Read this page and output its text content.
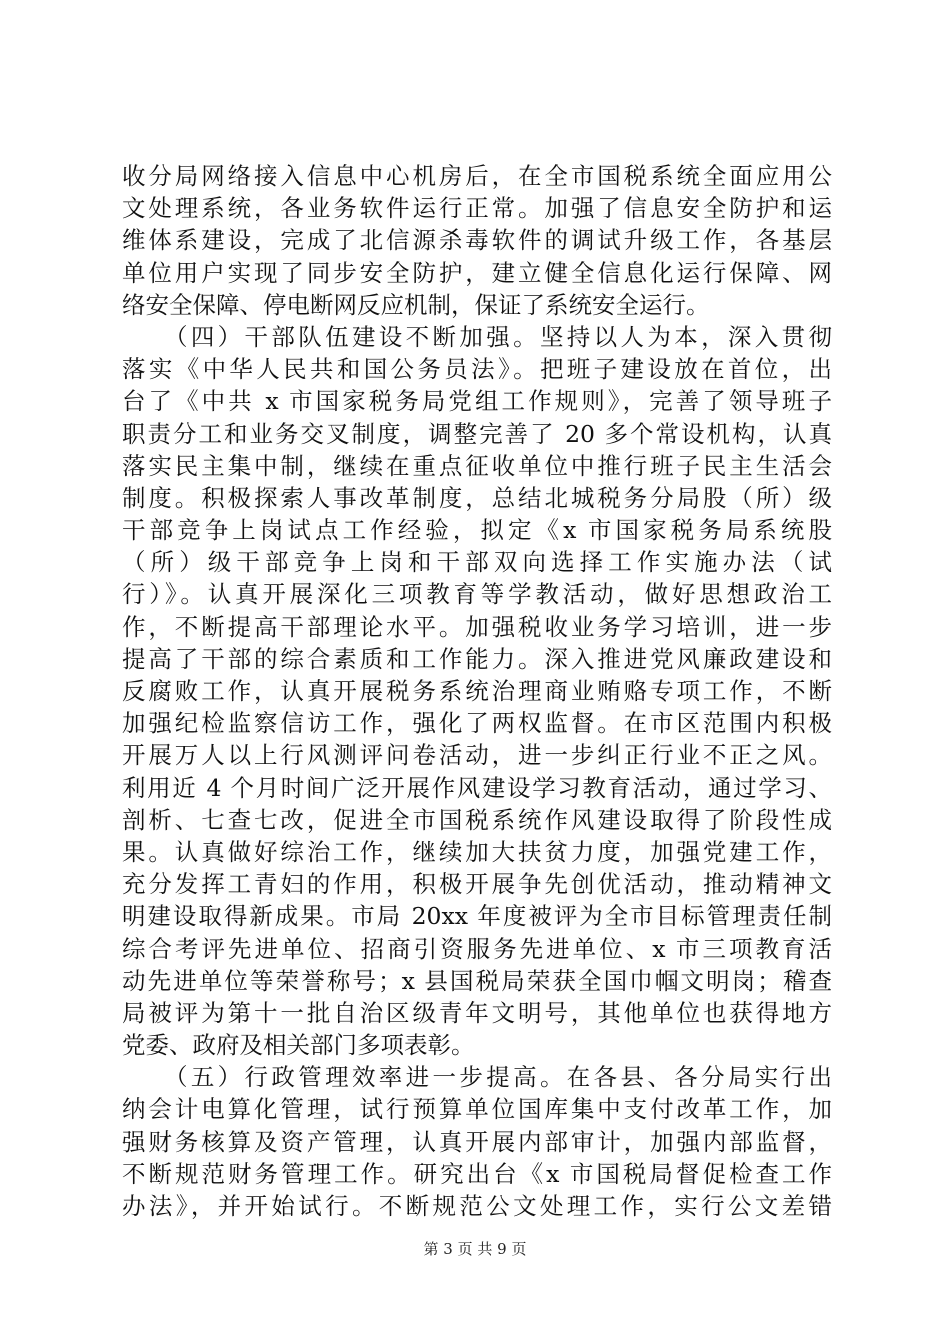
收分局网络接入信息中心机房后，在全市国税系统全面应用公
文处理系统，各业务软件运行正常。加强了信息安全防护和运
维体系建设，完成了北信源杀毒软件的调试升级工作，各基层
单位用户实现了同步安全防护，建立健全信息化运行保障、网
络安全保障、停电断网反应机制，保证了系统安全运行。
　　（四）干部队伍建设不断加强。坚持以人为本，深入贯彻
落实《中华人民共和国公务员法》。把班子建设放在首位，出
台了《中共 x 市国家税务局党组工作规则》，完善了领导班子
职责分工和业务交叉制度，调整完善了 20 多个常设机构，认真
落实民主集中制，继续在重点征收单位中推行班子民主生活会
制度。积极探索人事改革制度，总结北城税务分局股（所）级
干部竞争上岗试点工作经验，拟定《x 市国家税务局系统股
（所）级干部竞争上岗和干部双向选择工作实施办法（试
行）》。认真开展深化三项教育等学教活动，做好思想政治工
作，不断提高干部理论水平。加强税收业务学习培训，进一步
提高了干部的综合素质和工作能力。深入推进党风廉政建设和
反腐败工作，认真开展税务系统治理商业贿赂专项工作，不断
加强纪检监察信访工作，强化了两权监督。在市区范围内积极
开展万人以上行风测评问卷活动，进一步纠正行业不正之风。
利用近 4 个月时间广泛开展作风建设学习教育活动，通过学习、
剖析、七查七改，促进全市国税系统作风建设取得了阶段性成
果。认真做好综治工作，继续加大扶贫力度，加强党建工作，
充分发挥工青妇的作用，积极开展争先创优活动，推动精神文
明建设取得新成果。市局 20xx 年度被评为全市目标管理责任制
综合考评先进单位、招商引资服务先进单位、x 市三项教育活
动先进单位等荣誉称号；x 县国税局荣获全国巾帼文明岗；稽查
局被评为第十一批自治区级青年文明号，其他单位也获得地方
党委、政府及相关部门多项表彰。
　　（五）行政管理效率进一步提高。在各县、各分局实行出
纳会计电算化管理，试行预算单位国库集中支付改革工作，加
强财务核算及资产管理，认真开展内部审计，加强内部监督，
不断规范财务管理工作。研究出台《x 市国税局督促检查工作
办法》，并开始试行。不断规范公文处理工作，实行公文差错
第 3 页 共 9 页
